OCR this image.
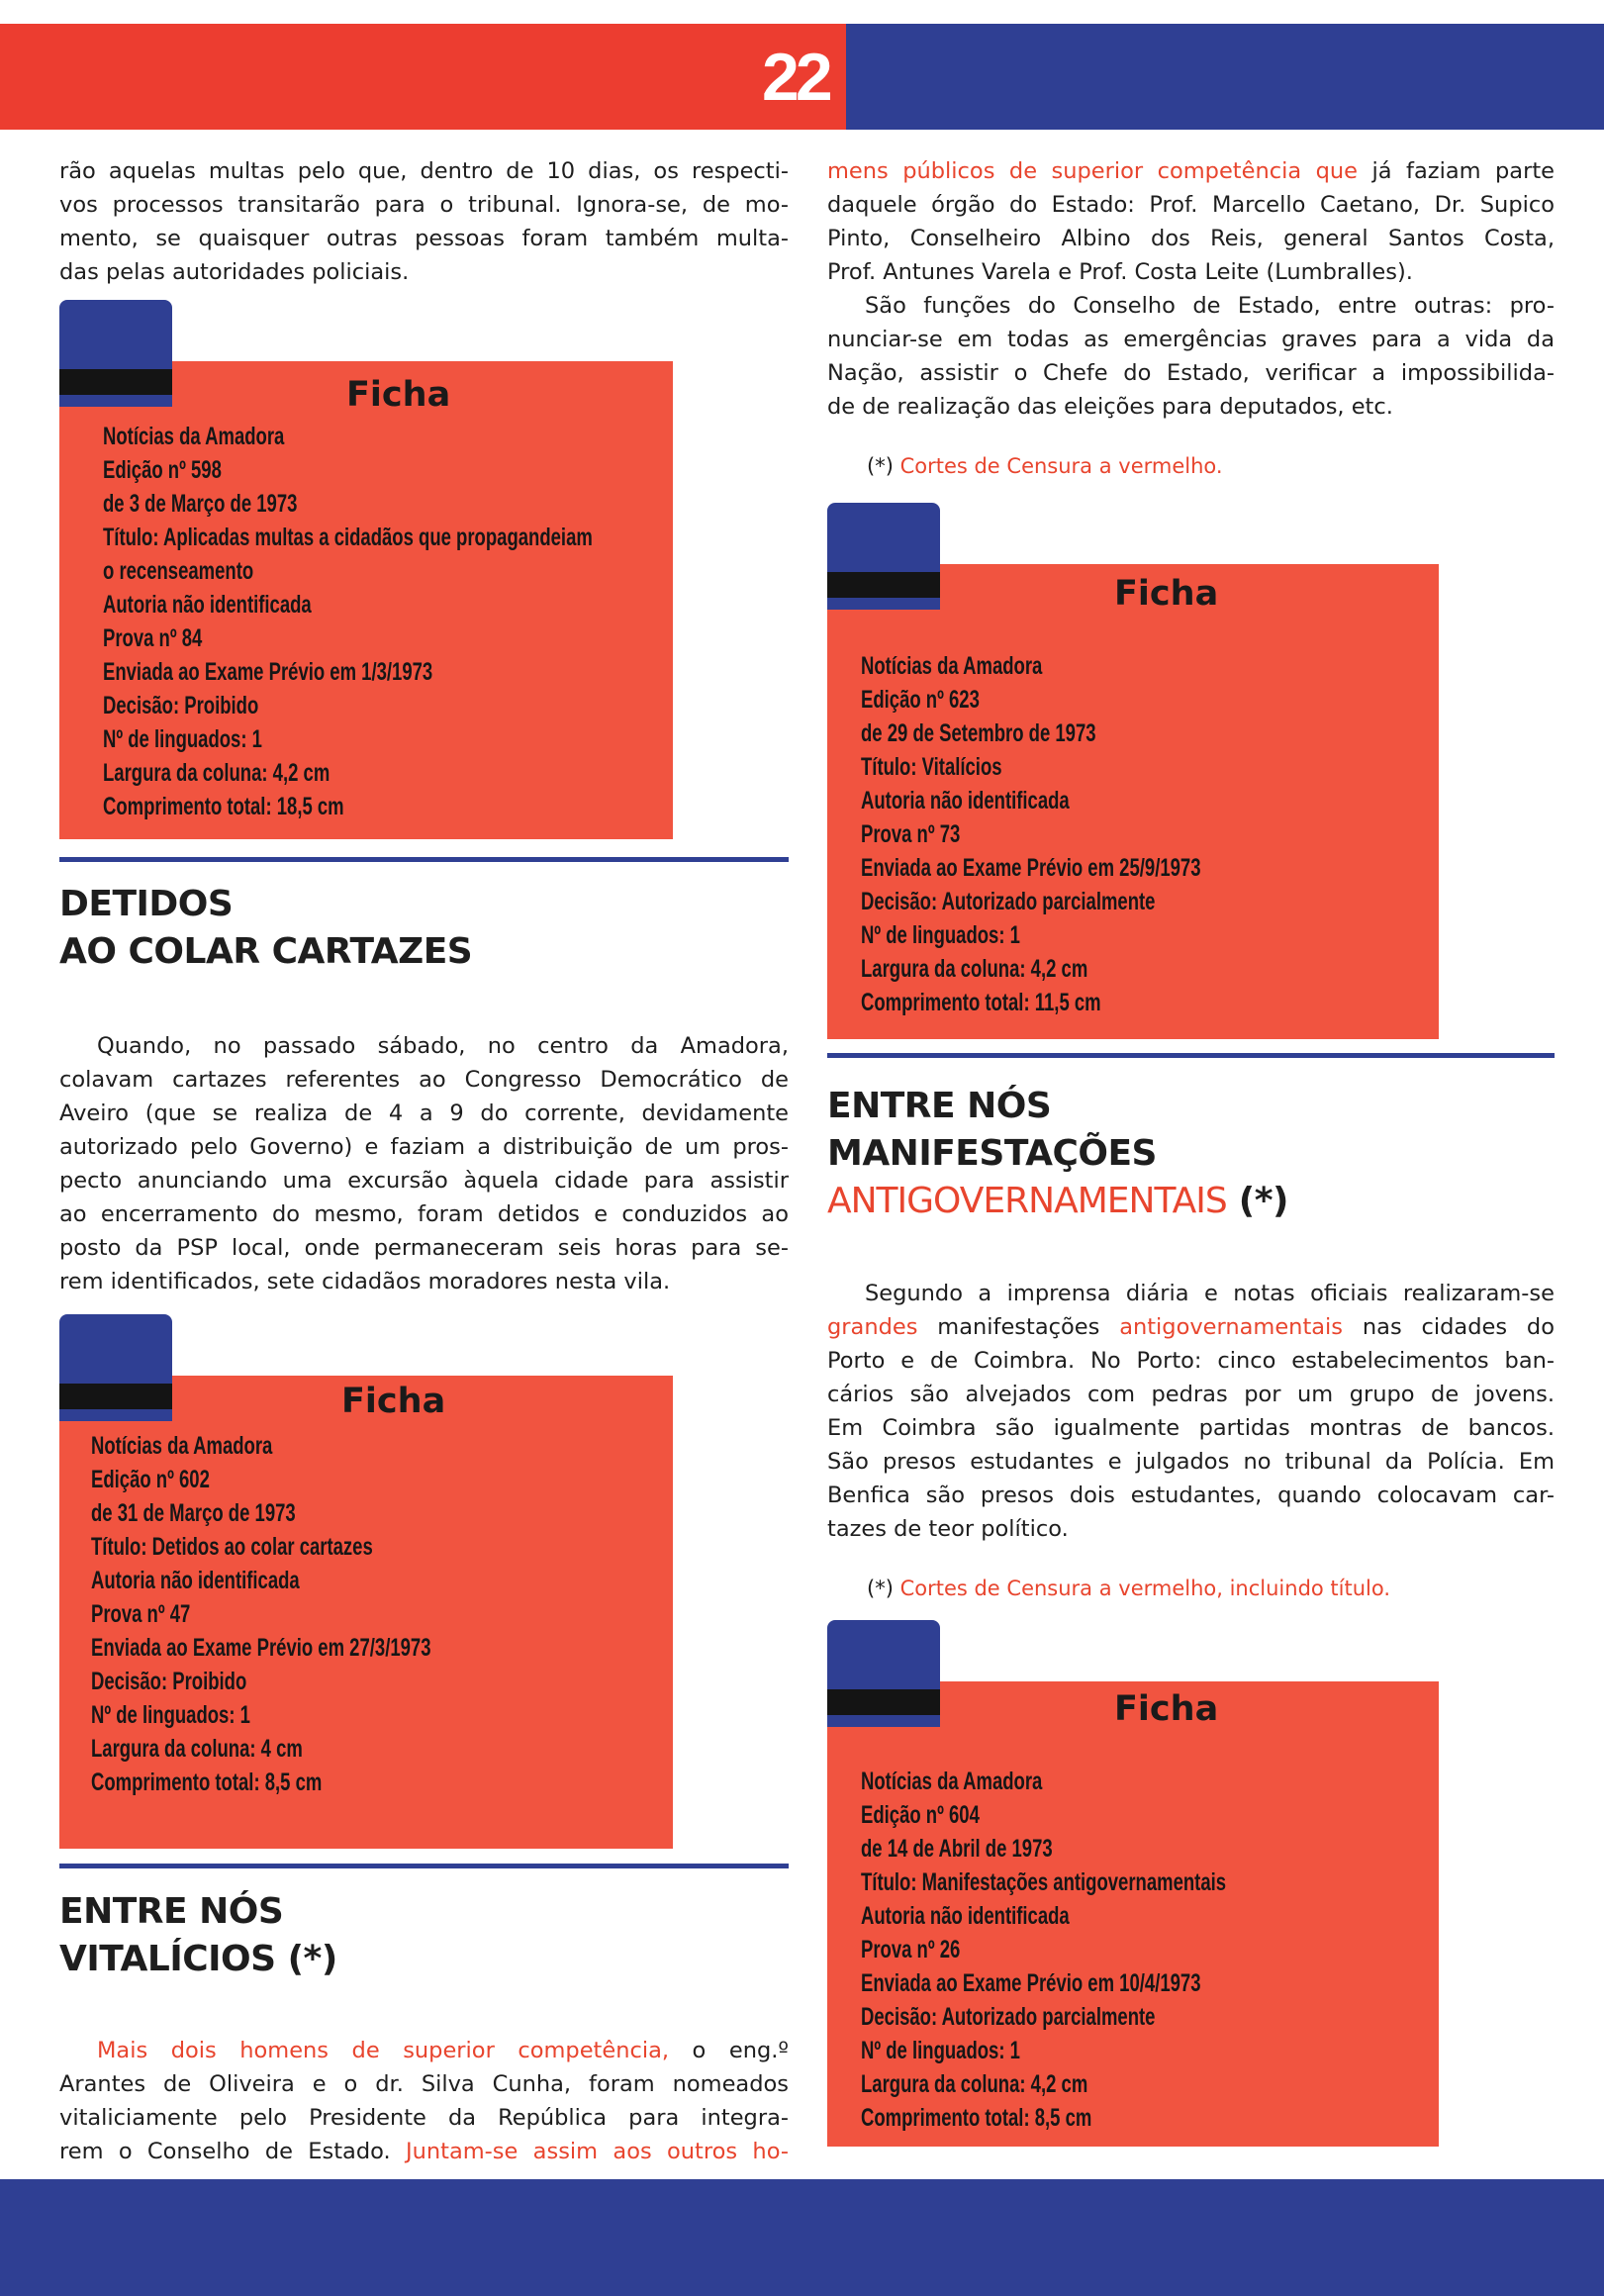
22
rão aquelas multas pelo que, dentro de 10 dias, os respecti-
vos processos transitarão para o tribunal. Ignora-se, de mo-
mento, se quaisquer outras pessoas foram também multa-
das pelas autoridades policiais.
Ficha
Notícias da Amadora
Edição nº 598
de 3 de Março de 1973
Título: Aplicadas multas a cidadãos que propagandeiam
o recenseamento
Autoria não identificada
Prova nº 84
Enviada ao Exame Prévio em 1/3/1973
Decisão: Proibido
Nº de linguados: 1
Largura da coluna: 4,2 cm
Comprimento total: 18,5 cm
DETIDOS
AO COLAR CARTAZES
Quando, no passado sábado, no centro da Amadora,
colavam cartazes referentes ao Congresso Democrático de
Aveiro (que se realiza de 4 a 9 do corrente, devidamente
autorizado pelo Governo) e faziam a distribuição de um pros-
pecto anunciando uma excursão àquela cidade para assistir
ao encerramento do mesmo, foram detidos e conduzidos ao
posto da PSP local, onde permaneceram seis horas para se-
rem identificados, sete cidadãos moradores nesta vila.
Ficha
Notícias da Amadora
Edição nº 602
de 31 de Março de 1973
Título: Detidos ao colar cartazes
Autoria não identificada
Prova nº 47
Enviada ao Exame Prévio em 27/3/1973
Decisão: Proibido
Nº de linguados: 1
Largura da coluna: 4 cm
Comprimento total: 8,5 cm
ENTRE NÓS
VITALÍCIOS (*)
Mais dois homens de superior competência, o eng.º
Arantes de Oliveira e o dr. Silva Cunha, foram nomeados
vitaliciamente pelo Presidente da República para integra-
rem o Conselho de Estado. Juntam-se assim aos outros ho-
mens públicos de superior competência que já faziam parte
daquele órgão do Estado: Prof. Marcello Caetano, Dr. Supico
Pinto, Conselheiro Albino dos Reis, general Santos Costa,
Prof. Antunes Varela e Prof. Costa Leite (Lumbralles).
São funções do Conselho de Estado, entre outras: pro-
nunciar-se em todas as emergências graves para a vida da
Nação, assistir o Chefe do Estado, verificar a impossibilida-
de de realização das eleições para deputados, etc.
(*) Cortes de Censura a vermelho.
Ficha
Notícias da Amadora
Edição nº 623
de 29 de Setembro de 1973
Título: Vitalícios
Autoria não identificada
Prova nº 73
Enviada ao Exame Prévio em 25/9/1973
Decisão: Autorizado parcialmente
Nº de linguados: 1
Largura da coluna: 4,2 cm
Comprimento total: 11,5 cm
ENTRE NÓS
MANIFESTAÇÕES
ANTIGOVERNAMENTAIS (*)
Segundo a imprensa diária e notas oficiais realizaram-se
grandes manifestações antigovernamentais nas cidades do
Porto e de Coimbra. No Porto: cinco estabelecimentos ban-
cários são alvejados com pedras por um grupo de jovens.
Em Coimbra são igualmente partidas montras de bancos.
São presos estudantes e julgados no tribunal da Polícia. Em
Benfica são presos dois estudantes, quando colocavam car-
tazes de teor político.
(*) Cortes de Censura a vermelho, incluindo título.
Ficha
Notícias da Amadora
Edição nº 604
de 14 de Abril de 1973
Título: Manifestações antigovernamentais
Autoria não identificada
Prova nº 26
Enviada ao Exame Prévio em 10/4/1973
Decisão: Autorizado parcialmente
Nº de linguados: 1
Largura da coluna: 4,2 cm
Comprimento total: 8,5 cm
